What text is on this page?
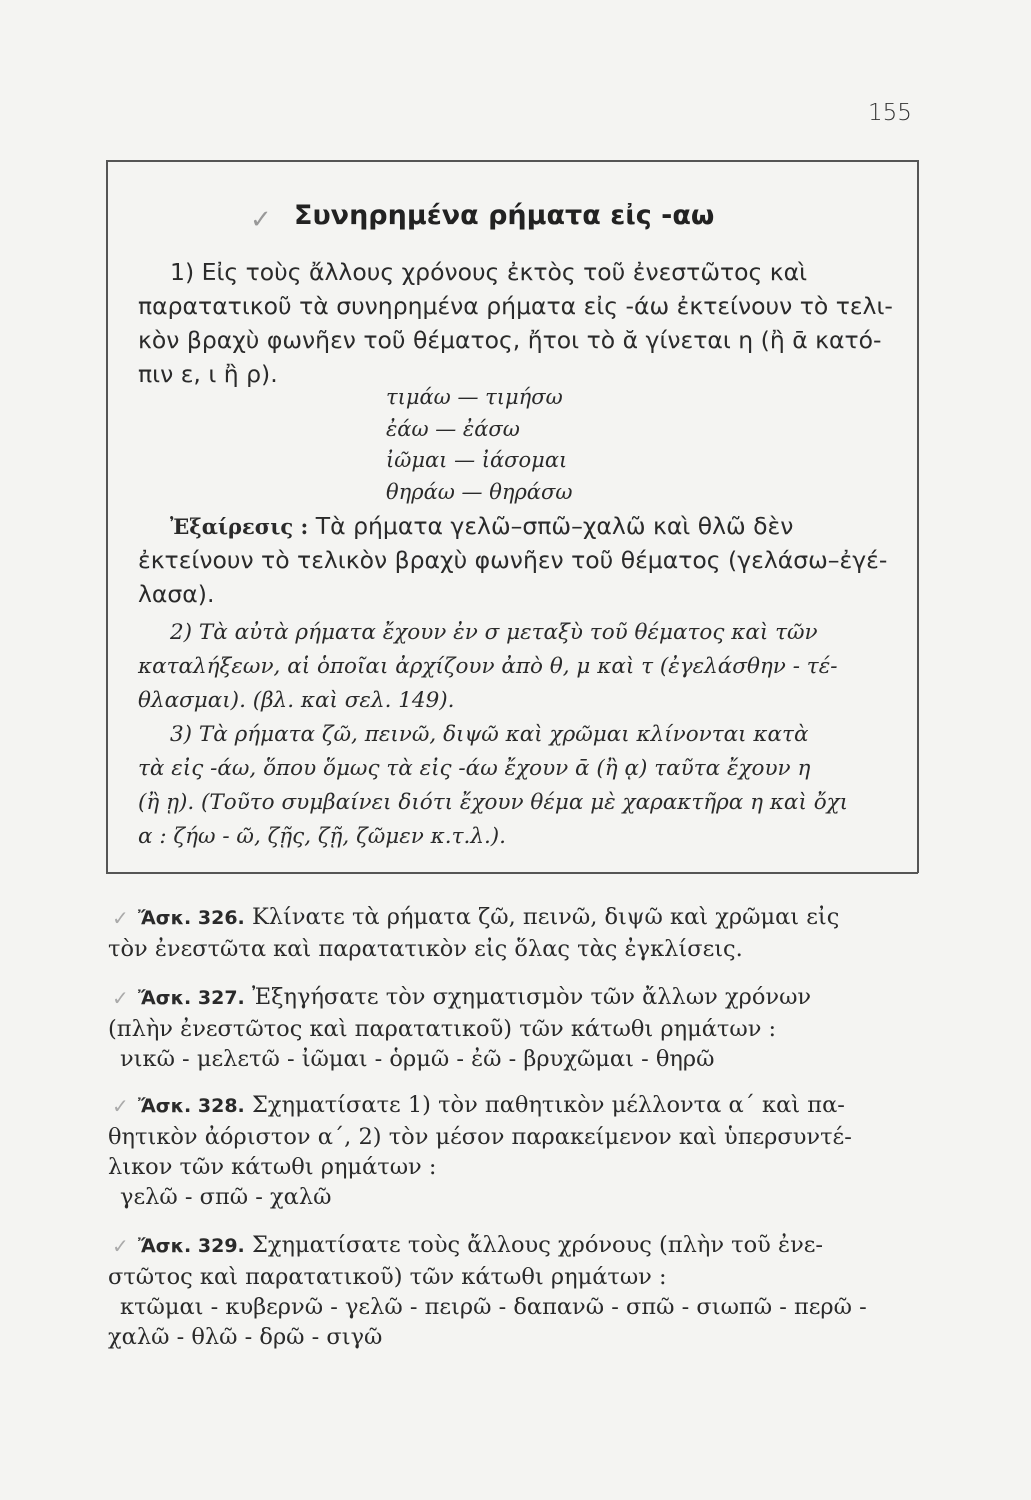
155
✓ Συνηρημένα ρήματα εἰς -αω
1) Εἰς τοὺς ἄλλους χρόνους ἐκτὸς τοῦ ἐνεστῶτος καὶ
παρατατικοῦ τὰ συνηρημένα ρήματα εἰς -άω ἐκτείνουν τὸ τελι-
κὸν βραχὺ φωνῆεν τοῦ θέματος, ἤτοι τὸ ᾰ γίνεται η (ἢ ᾱ κατό-
πιν ε, ι ἢ ρ).
τιμάω — τιμήσω
ἐάω — ἐάσω
ἰῶμαι — ἰάσομαι
θηράω — θηράσω
Ἐξαίρεσις : Τὰ ρήματα γελῶ–σπῶ–χαλῶ καὶ θλῶ δὲν
ἐκτείνουν τὸ τελικὸν βραχὺ φωνῆεν τοῦ θέματος (γελάσω–ἐγέ-
λασα).
2) Τὰ αὐτὰ ρήματα ἔχουν ἐν σ μεταξὺ τοῦ θέματος καὶ τῶν
καταλήξεων, αἱ ὁποῖαι ἀρχίζουν ἀπὸ θ, μ καὶ τ (ἐγελάσθην - τέ-
θλασμαι). (βλ. καὶ σελ. 149).
3) Τὰ ρήματα ζῶ, πεινῶ, διψῶ καὶ χρῶμαι κλίνονται κατὰ
τὰ εἰς -άω, ὅπου ὅμως τὰ εἰς -άω ἔχουν ᾱ (ἢ ᾳ) ταῦτα ἔχουν η
(ἢ ῃ). (Τοῦτο συμβαίνει διότι ἔχουν θέμα μὲ χαρακτῆρα η καὶ ὄχι
α : ζήω - ῶ, ζῇς, ζῇ, ζῶμεν κ.τ.λ.).
✓ Ἄσκ. 326. Κλίνατε τὰ ρήματα ζῶ, πεινῶ, διψῶ καὶ χρῶμαι εἰς
τὸν ἐνεστῶτα καὶ παρατατικὸν εἰς ὅλας τὰς ἐγκλίσεις.
✓ Ἄσκ. 327. Ἐξηγήσατε τὸν σχηματισμὸν τῶν ἄλλων χρόνων
(πλὴν ἐνεστῶτος καὶ παρατατικοῦ) τῶν κάτωθι ρημάτων :
νικῶ - μελετῶ - ἰῶμαι - ὁρμῶ - ἐῶ - βρυχῶμαι - θηρῶ
✓ Ἄσκ. 328. Σχηματίσατε 1) τὸν παθητικὸν μέλλοντα α΄ καὶ πα-
θητικὸν ἀόριστον α΄, 2) τὸν μέσον παρακείμενον καὶ ὑπερσυντέ-
λικον τῶν κάτωθι ρημάτων :
γελῶ - σπῶ - χαλῶ
✓ Ἄσκ. 329. Σχηματίσατε τοὺς ἄλλους χρόνους (πλὴν τοῦ ἐνε-
στῶτος καὶ παρατατικοῦ) τῶν κάτωθι ρημάτων :
κτῶμαι - κυβερνῶ - γελῶ - πειρῶ - δαπανῶ - σπῶ - σιωπῶ - περῶ -
χαλῶ - θλῶ - δρῶ - σιγῶ
